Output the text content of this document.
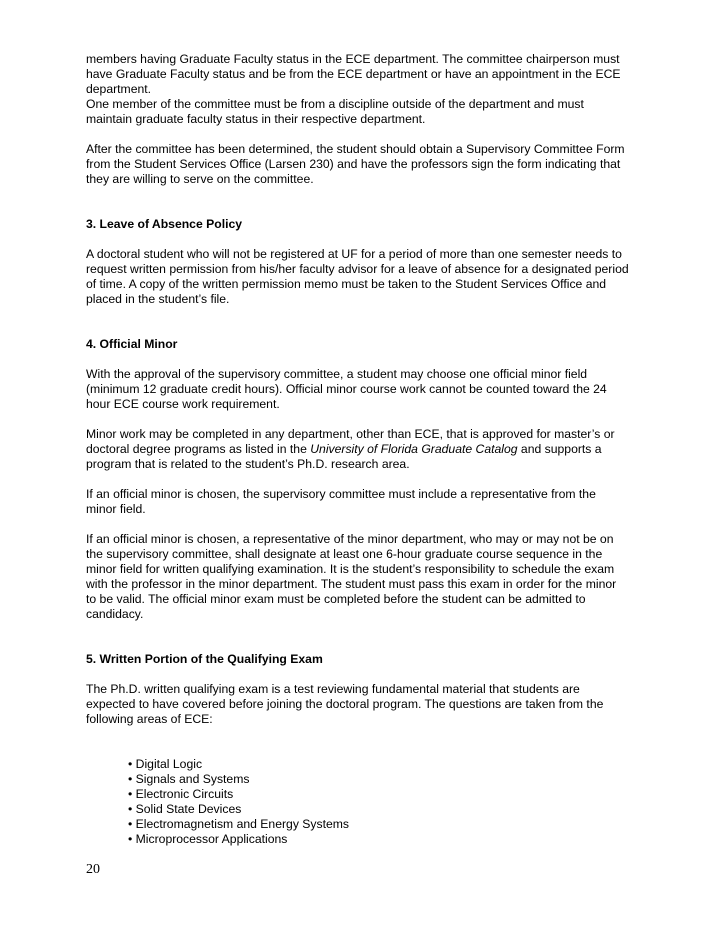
members having Graduate Faculty status in the ECE department. The committee chairperson must

have Graduate Faculty status and be from the ECE department or have an appointment in the ECE

department.

One member of the committee must be from a discipline outside of the department and must

maintain graduate faculty status in their respective department.

After the committee has been determined, the student should obtain a Supervisory Committee Form

from the Student Services Office (Larsen 230) and have the professors sign the form indicating that

they are willing to serve on the committee.

3. Leave of Absence Policy

A doctoral student who will not be registered at UF for a period of more than one semester needs to

request written permission from his/her faculty advisor for a leave of absence for a designated period

of time. A copy of the written permission memo must be taken to the Student Services Office and

placed in the student’s file.

4. Official Minor

With the approval of the supervisory committee, a student may choose one official minor field

(minimum 12 graduate credit hours). Official minor course work cannot be counted toward the 24

hour ECE course work requirement.

Minor work may be completed in any department, other than ECE, that is approved for master’s or

doctoral degree programs as listed in the University of Florida Graduate Catalog and supports a

program that is related to the student’s Ph.D. research area.

If an official minor is chosen, the supervisory committee must include a representative from the

minor field.

If an official minor is chosen, a representative of the minor department, who may or may not be on

the supervisory committee, shall designate at least one 6-hour graduate course sequence in the

minor field for written qualifying examination. It is the student’s responsibility to schedule the exam

with the professor in the minor department. The student must pass this exam in order for the minor

to be valid. The official minor exam must be completed before the student can be admitted to

candidacy.

5. Written Portion of the Qualifying Exam

The Ph.D. written qualifying exam is a test reviewing fundamental material that students are

expected to have covered before joining the doctoral program. The questions are taken from the

following areas of ECE:

• Digital Logic
• Signals and Systems
• Electronic Circuits
• Solid State Devices
• Electromagnetism and Energy Systems
• Microprocessor Applications
20
